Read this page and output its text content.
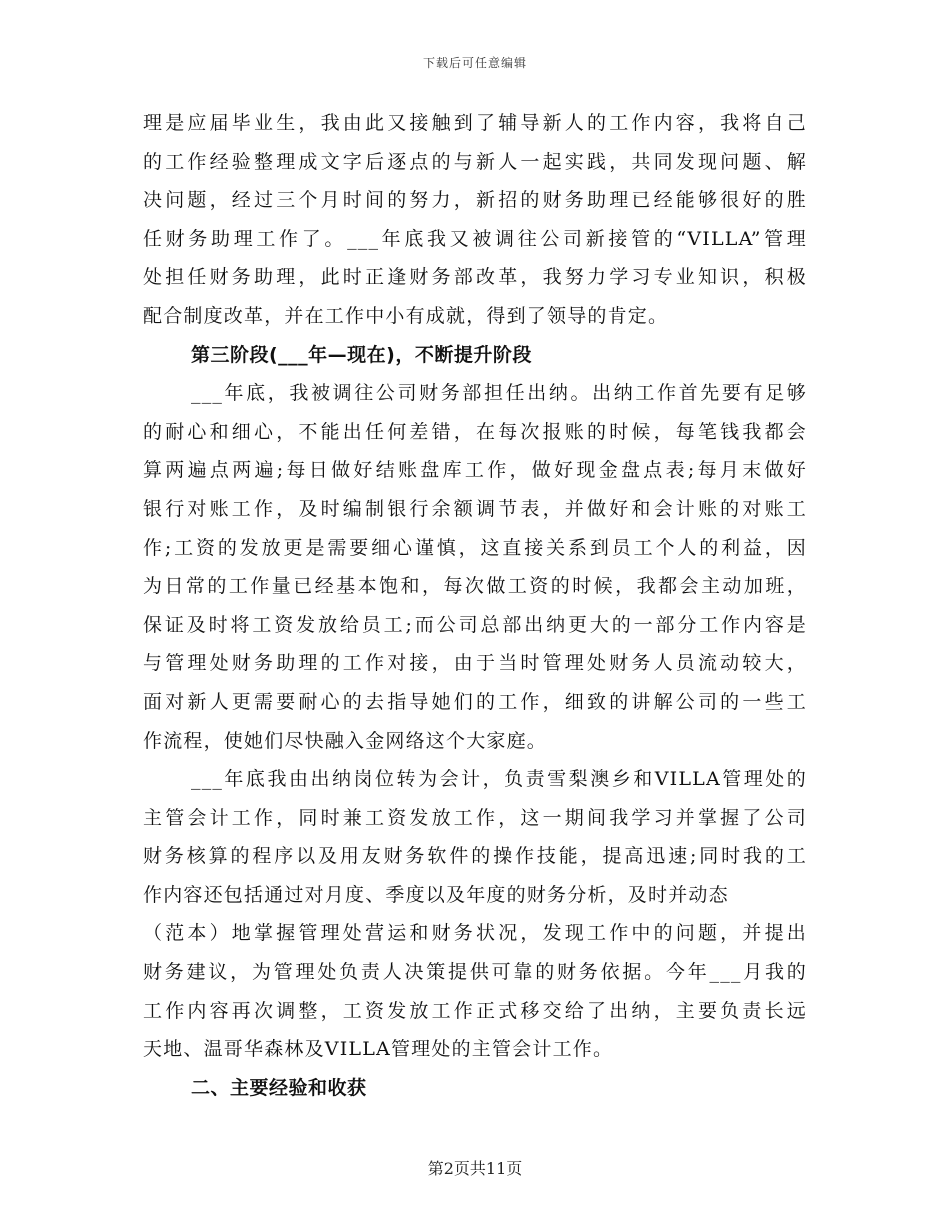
下载后可任意编辑
理是应届毕业生，我由此又接触到了辅导新人的工作内容，我将自己
的工作经验整理成文字后逐点的与新人一起实践，共同发现问题、解
决问题，经过三个月时间的努力，新招的财务助理已经能够很好的胜
任财务助理工作了。___年底我又被调往公司新接管的“VILLA”管理
处担任财务助理，此时正逢财务部改革，我努力学习专业知识，积极
配合制度改革，并在工作中小有成就，得到了领导的肯定。
第三阶段(___年—现在)，不断提升阶段
___年底，我被调往公司财务部担任出纳。出纳工作首先要有足够
的耐心和细心，不能出任何差错，在每次报账的时候，每笔钱我都会
算两遍点两遍;每日做好结账盘库工作，做好现金盘点表;每月末做好
银行对账工作，及时编制银行余额调节表，并做好和会计账的对账工
作;工资的发放更是需要细心谨慎，这直接关系到员工个人的利益，因
为日常的工作量已经基本饱和，每次做工资的时候，我都会主动加班，
保证及时将工资发放给员工;而公司总部出纳更大的一部分工作内容是
与管理处财务助理的工作对接，由于当时管理处财务人员流动较大，
面对新人更需要耐心的去指导她们的工作，细致的讲解公司的一些工
作流程，使她们尽快融入金网络这个大家庭。
___年底我由出纳岗位转为会计，负责雪梨澳乡和VILLA管理处的
主管会计工作，同时兼工资发放工作，这一期间我学习并掌握了公司
财务核算的程序以及用友财务软件的操作技能，提高迅速;同时我的工
作内容还包括通过对月度、季度以及年度的财务分析，及时并动态
（范本）地掌握管理处营运和财务状况，发现工作中的问题，并提出
财务建议，为管理处负责人决策提供可靠的财务依据。今年___月我的
工作内容再次调整，工资发放工作正式移交给了出纳，主要负责长远
天地、温哥华森林及VILLA管理处的主管会计工作。
二、主要经验和收获
第2页共11页
